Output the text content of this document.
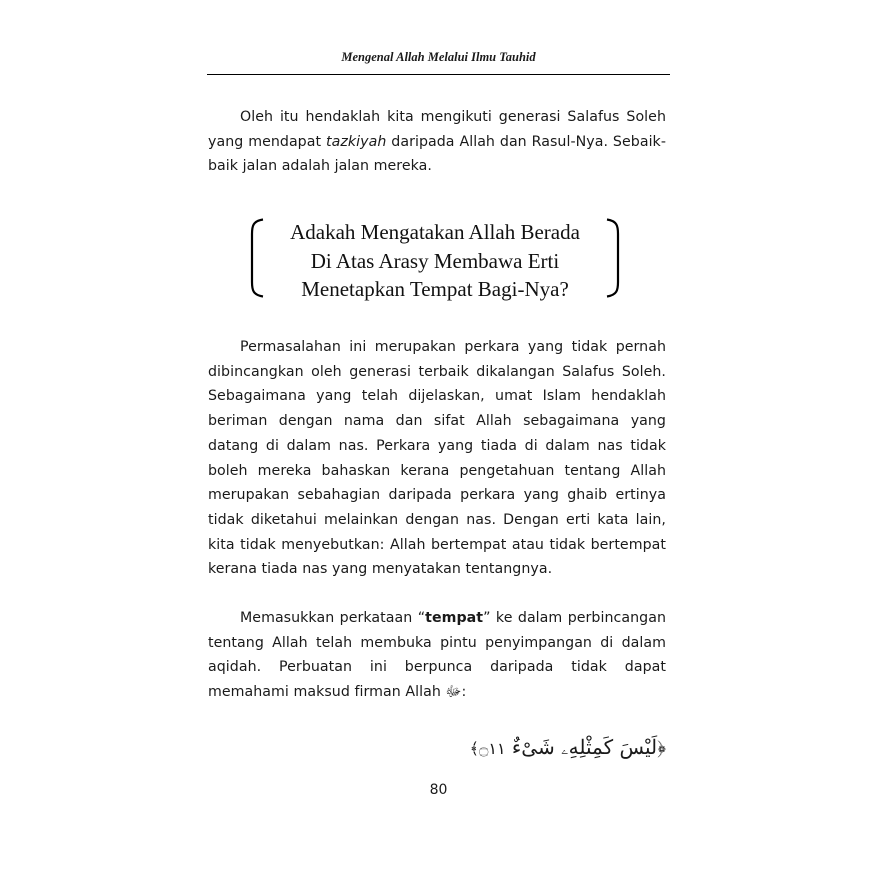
Mengenal Allah Melalui Ilmu Tauhid

Oleh itu hendaklah kita mengikuti generasi Salafus Soleh yang mendapat tazkiyah daripada Allah dan Rasul-Nya. Sebaik-baik jalan adalah jalan mereka.

Adakah Mengatakan Allah Berada
Di Atas Arasy Membawa Erti
Menetapkan Tempat Bagi-Nya?

Permasalahan ini merupakan perkara yang tidak pernah dibincangkan oleh generasi terbaik dikalangan Salafus Soleh. Sebagaimana yang telah dijelaskan, umat Islam hendaklah beriman dengan nama dan sifat Allah sebagaimana yang datang di dalam nas. Perkara yang tiada di dalam nas tidak boleh mereka bahaskan kerana pengetahuan tentang Allah merupakan sebahagian daripada perkara yang ghaib ertinya tidak diketahui melainkan dengan nas. Dengan erti kata lain, kita tidak menyebutkan: Allah bertempat atau tidak bertempat kerana tiada nas yang menyatakan tentangnya.

Memasukkan perkataan “tempat” ke dalam perbincangan tentang Allah telah membuka pintu penyimpangan di dalam aqidah. Perbuatan ini berpunca daripada tidak dapat memahami maksud firman Allah ﷻ:

﴿لَيْسَ كَمِثْلِهِۦ شَىْءٌ ۝١١﴾
80
